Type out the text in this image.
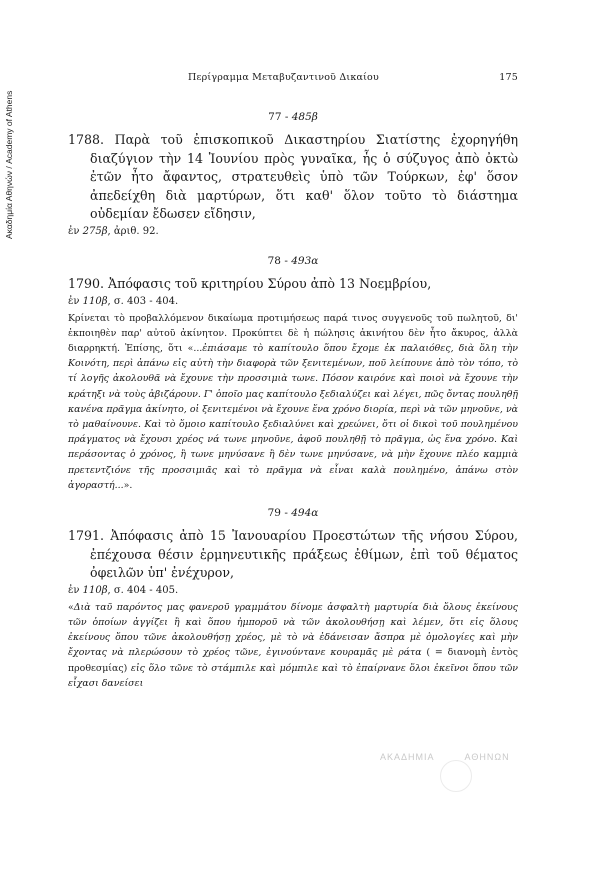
Ακαδημία Αθηνών / Academy of Athens
Περίγραμμα Μεταβυζαντινοῦ Δικαίου	175
77 - 485β

1788. Παρὰ τοῦ ἐπισκοπικοῦ Δικαστηρίου Σιατίστης ἐχορηγήθη διαζύγιον τὴν 14 Ἰουνίου πρὸς γυναῖκα, ἧς ὁ σύζυγος ἀπὸ ὀκτὼ ἐτῶν ἦτο ἄφαντος, στρατευθεὶς ὑπὸ τῶν Τούρκων, ἐφ' ὅσον ἀπεδείχθη διὰ μαρτύρων, ὅτι καθ' ὅλον τοῦτο τὸ διάστημα οὐδεμίαν ἔδωσεν εἴδησιν,

ἐν 275β, ἀριθ. 92.

78 - 493α

1790. Ἀπόφασις τοῦ κριτηρίου Σύρου ἀπὸ 13 Νοεμβρίου,

ἐν 110β, σ. 403 - 404.

Κρίνεται τὸ προβαλλόμενον δικαίωμα προτιμήσεως παρά τινος συγγενοῦς τοῦ πωλητοῦ, δι' ἐκποιηθὲν παρ' αὐτοῦ ἀκίνητον. Προκύπτει δὲ ἡ πώλησις ἀκινήτου δὲν ἦτο ἄκυρος, ἀλλὰ διαρρηκτή. Ἐπίσης, ὅτι «...ἐπιάσαμε τὸ καπίτουλο ὅπου ἔχομε ἐκ παλαιόθες, διὰ ὅλη τὴν Κοινότη, περὶ ἀπάνω εἰς αὐτὴ τὴν διαφορὰ τῶν ξενιτεμένων, ποῦ λείπουνε ἀπὸ τὸν τόπο, τὸ τί λογῆς ἀκολουθᾶ νὰ ἔχουνε τὴν προσσιμιὰ τωνε. Πόσον καιρόνε καὶ ποιοὶ νὰ ἔχουνε τὴν κράτηξι νὰ τοὺς ἀβιζάρουν. Γ' ὁποῖο μας καπίτουλο ξεδιαλύζει καὶ λέγει, πῶς ὄντας πουληθῇ κανένα πρᾶγμα ἀκίνητο, οἱ ξενιτεμένοι νὰ ἔχουνε ἕνα χρόνο διορία, περὶ νὰ τῶν μηνοῦνε, νὰ τὸ μαθαίνουνε. Καὶ τὸ ὅμοιο καπίτουλο ξεδιαλύνει καὶ χρεώνει, ὅτι οἱ δικοὶ τοῦ πουλημένου πράγματος νὰ ἔχουσι χρέος νά τωνε μηνοῦνε, ἀφοῦ πουληθῇ τὸ πρᾶγμα, ὡς ἕνα χρόνο. Καὶ περάσοντας ὁ χρόνος, ἢ τωνε μηνύσανε ἢ δὲν τωνε μηνύσανε, νὰ μὴν ἔχουνε πλέο καμμιὰ πρετεντζιόνε τῆς προσσιμιᾶς καὶ τὸ πρᾶγμα νὰ εἶναι καλὰ πουλημένο, ἀπάνω στὸν ἀγοραστή...».

79 - 494α

1791. Ἀπόφασις ἀπὸ 15 Ἰανουαρίου Προεστώτων τῆς νήσου Σύρου, ἐπέχουσα θέσιν ἑρμηνευτικῆς πράξεως ἐθίμων, ἐπὶ τοῦ θέματος ὀφειλῶν ὑπ' ἐνέχυρον,

ἐν 110β, σ. 404 - 405.

«Διὰ ταῦ παρόντος μας φανεροῦ γραμμάτου δίνομε ἀσφαλτὴ μαρτυρία διὰ ὅλους ἐκείνους τῶν ὁποίων ἀγγίζει ἢ καὶ ὅπου ἠμποροῦ νὰ τῶν ἀκολουθήσῃ καὶ λέμεν, ὅτι εἰς ὅλους ἐκείνους ὅπου τῶνε ἀκολουθήσῃ χρέος, μὲ τὸ νὰ ἐδάνεισαν ἄσπρα μὲ ὁμολογίες καὶ μὴν ἔχοντας νὰ πλερώσουν τὸ χρέος τῶνε, ἐγινούντανε κουραμᾶς μὲ ράτα ( = διανομὴ ἐντὸς προθεσμίας) εἰς ὅλο τῶνε τὸ στάμπιλε καὶ μόμπιλε καὶ τὸ ἐπαίρνανε ὅλοι ἐκεῖνοι ὅπου τῶν εἶχασι δανείσει

ΑΚΑΔΗΜΙΑ	ΑΘΗΝΩΝ
